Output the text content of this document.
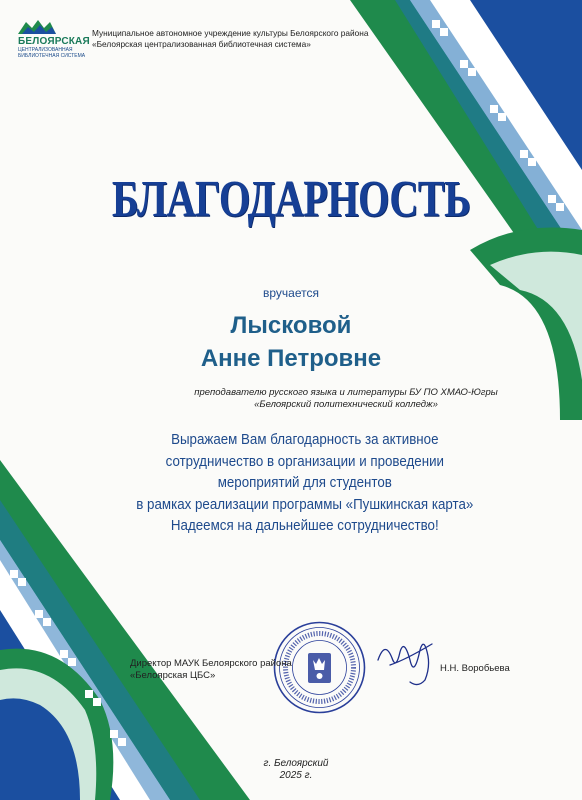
БЕЛОЯРСКАЯ
ЦЕНТРАЛИЗОВАННАЯ БИБЛИОТЕЧНАЯ СИСТЕМА
Муниципальное автономное учреждение культуры Белоярского района
«Белоярская централизованная библиотечная система»
БЛАГОДАРНОСТЬ
вручается
Лысковой
Анне Петровне
преподавателю русского языка и литературы БУ ПО ХМАО-Югры
«Белоярский политехнический колледж»
Выражаем Вам благодарность за активное
сотрудничество в организации и проведении
мероприятий для студентов
в рамках реализации программы «Пушкинская карта»
Надеемся на дальнейшее сотрудничество!
Директор МАУК Белоярского района
«Белоярская ЦБС»
Н.Н. Воробьева
г. Белоярский
2025 г.
